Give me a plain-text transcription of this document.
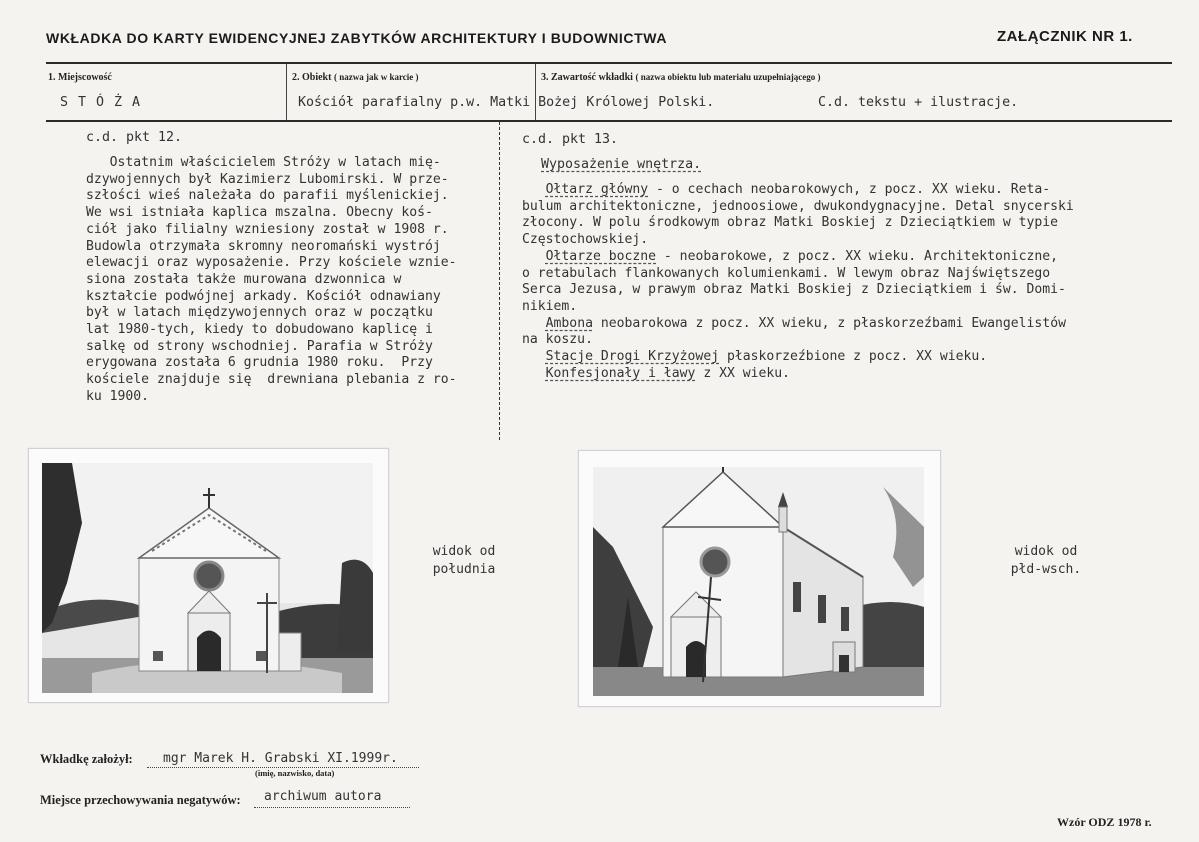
WKŁADKA DO KARTY EWIDENCYJNEJ ZABYTKÓW ARCHITEKTURY I BUDOWNICTWA	ZAŁĄCZNIK NR 1.
1. Miejscowość
S T Ó Ż A
2. Obiekt ( nazwa jak w karcie )
Kościół parafialny p.w. Matki Bożej Królowej Polski.
3. Zawartość wkładki ( nazwa obiektu lub materiału uzupełniającego )
C.d. tekstu + ilustracje.
c.d. pkt 12.
Ostatnim właścicielem Stróży w latach mię-
dzywojennych był Kazimierz Lubomirski. W prze-
szłości wieś należała do parafii myślenickiej.
We wsi istniała kaplica mszalna. Obecny koś-
ciół jako filialny wzniesiony został w 1908 r.
Budowla otrzymała skromny neoromański wystrój
elewacji oraz wyposażenie. Przy kościele wznie-
siona została także murowana dzwonnica w
kształcie podwójnej arkady. Kościół odnawiany
był w latach międzywojennych oraz w początku
lat 1980-tych, kiedy to dobudowano kaplicę i
salkę od strony wschodniej. Parafia w Stróży
erygowana została 6 grudnia 1980 roku.  Przy
kościele znajduje się  drewniana plebania z ro-
ku 1900.
c.d. pkt 13.
Wyposażenie wnętrza.
Ołtarz główny - o cechach neobarokowych, z pocz. XX wieku. Reta-
bulum architektoniczne, jednoosiowe, dwukondygnacyjne. Detal snycerski
złocony. W polu środkowym obraz Matki Boskiej z Dzieciątkiem w typie
Częstochowskiej.
Ołtarze boczne - neobarokowe, z pocz. XX wieku. Architektoniczne,
o retabulach flankowanych kolumienkami. W lewym obraz Najświętszego
Serca Jezusa, w prawym obraz Matki Boskiej z Dzieciątkiem i św. Domi-
nikiem.
Ambona neobarokowa z pocz. XX wieku, z płaskorzeźbami Ewangelistów
na koszu.
Stacje Drogi Krzyżowej płaskorzeźbione z pocz. XX wieku.
Konfesjonały i ławy z XX wieku.
widok od
południa
widok od
płd-wsch.
Wkładkę założył: mgr Marek H. Grabski XI.1999r.
(imię, nazwisko, data)
Miejsce przechowywania negatywów: archiwum autora
Wzór ODZ 1978 r.
